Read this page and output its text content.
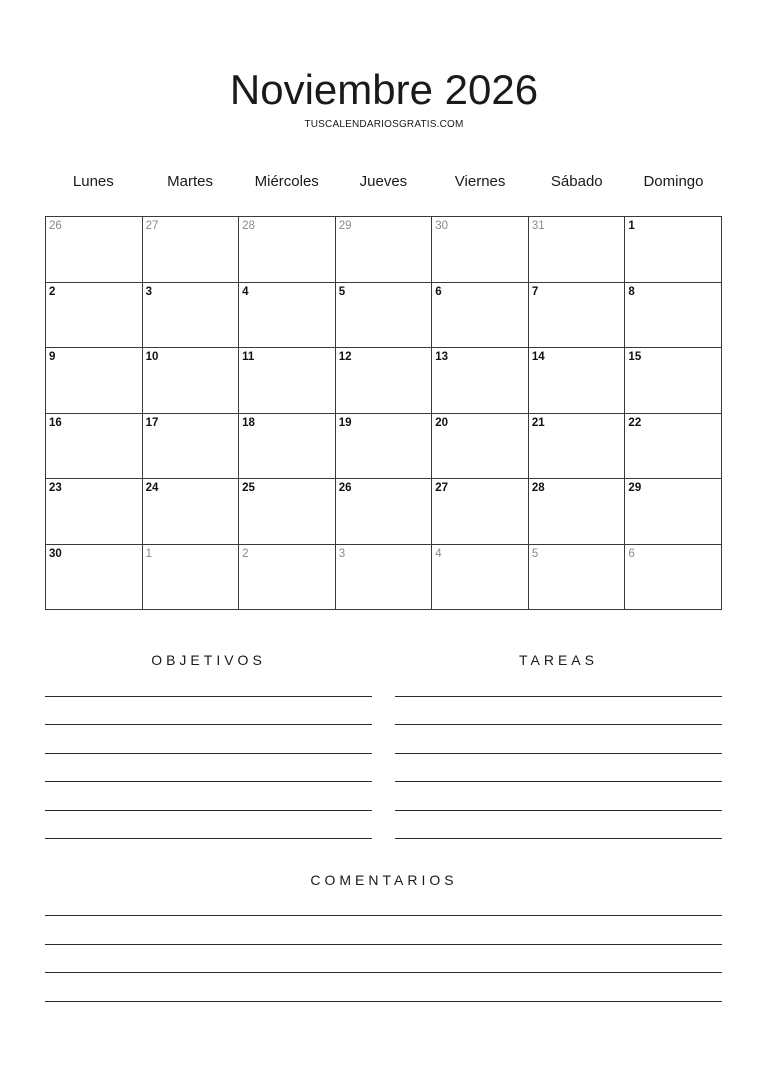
Noviembre 2026
TUSCALENDARIOSGRATIS.COM
Lunes	Martes	Miércoles	Jueves	Viernes	Sábado	Domingo
26	27	28	29	30	31	1
2	3	4	5	6	7	8
9	10	11	12	13	14	15
16	17	18	19	20	21	22
23	24	25	26	27	28	29
30	1	2	3	4	5	6
OBJETIVOS	TAREAS
COMENTARIOS
